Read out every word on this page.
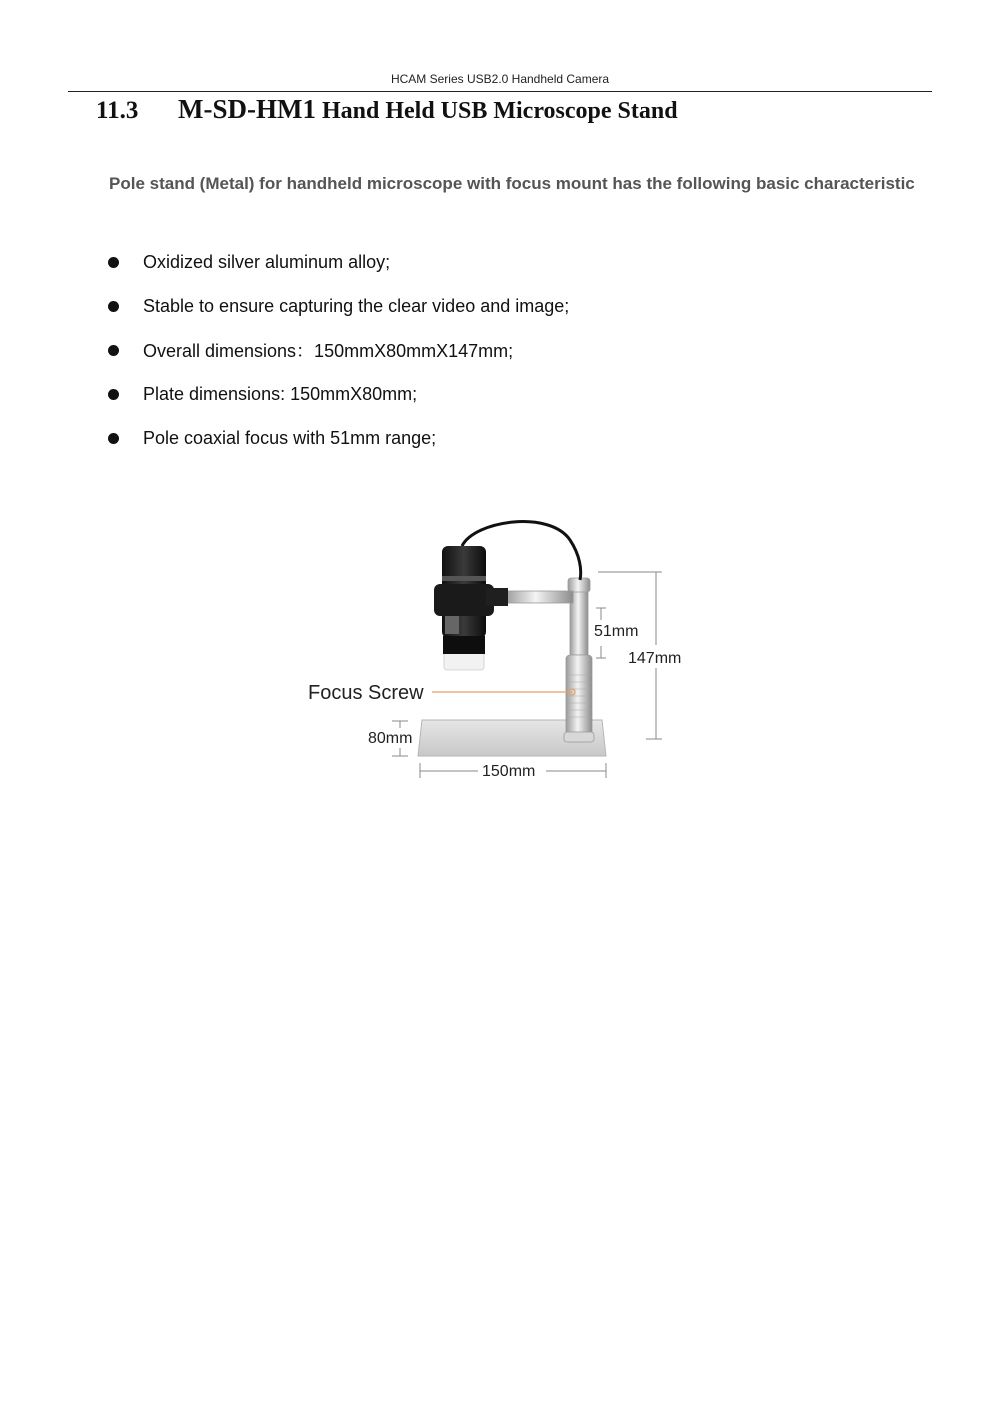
HCAM Series USB2.0 Handheld Camera
11.3 M-SD-HM1 Hand Held USB Microscope Stand

Pole stand (Metal) for handheld microscope with focus mount has the following basic characteristic

Oxidized silver aluminum alloy;
Stable to ensure capturing the clear video and image;
Overall dimensions：150mmX80mmX147mm;
Plate dimensions: 150mmX80mm;
Pole coaxial focus with 51mm range;
51mm
147mm
Focus Screw
80mm
150mm
